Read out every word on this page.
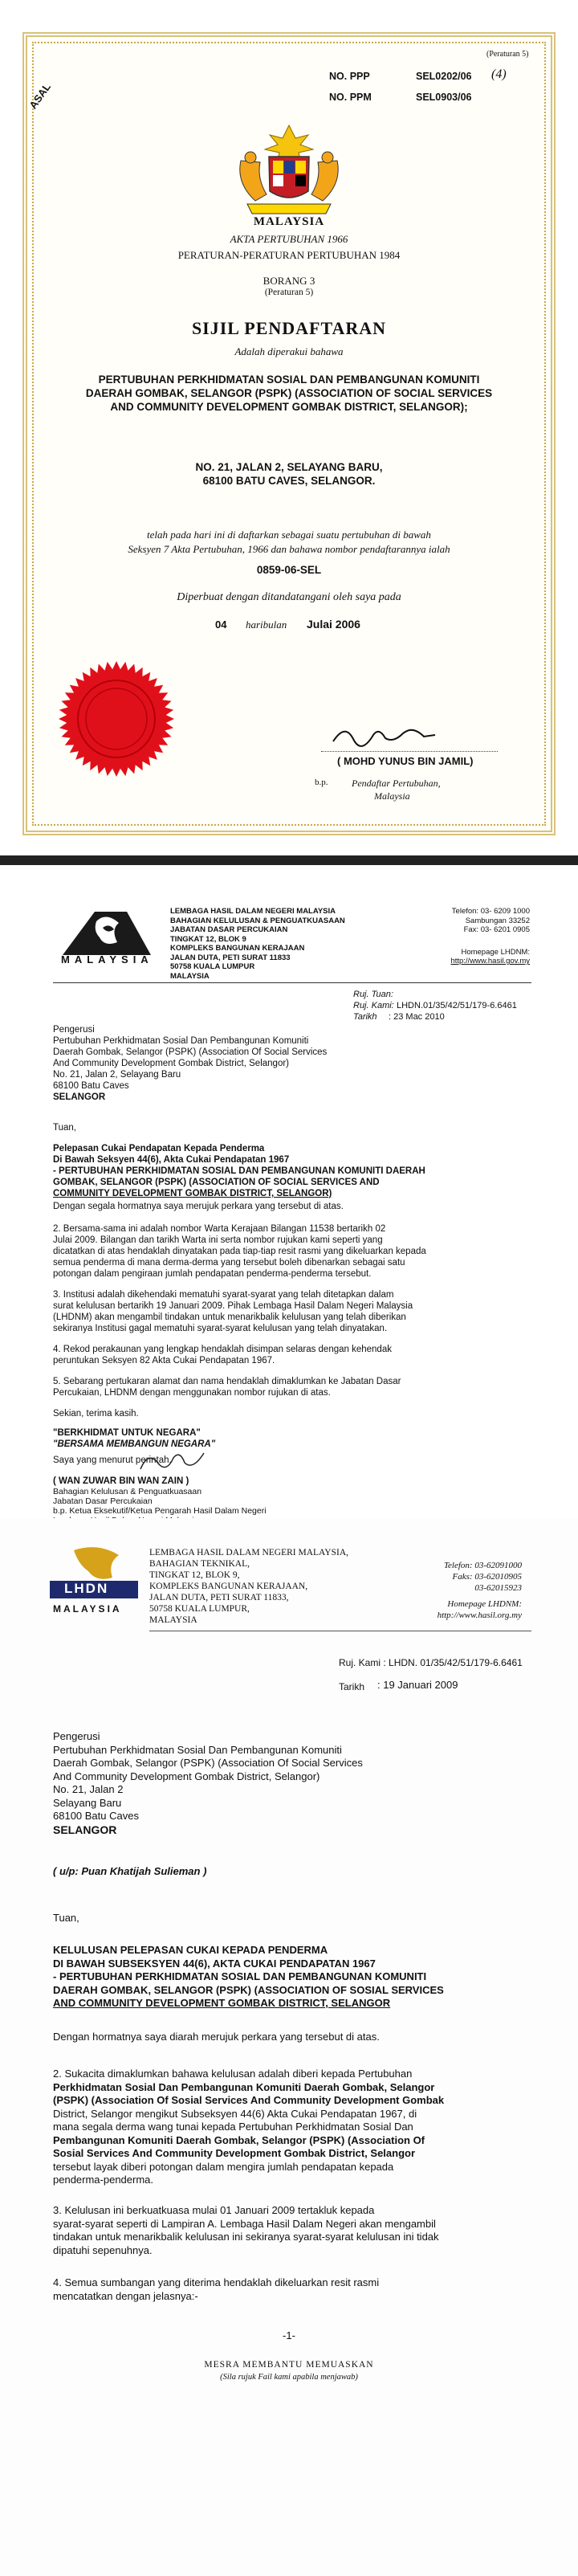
(Peraturan 5)
ASAL
NO. PPP	SEL0202/06 (4)
NO. PPM	SEL0903/06
MALAYSIA
AKTA PERTUBUHAN 1966
PERATURAN-PERATURAN PERTUBUHAN 1984
BORANG 3
(Peraturan 5)
SIJIL PENDAFTARAN
Adalah diperakui bahawa
PERTUBUHAN PERKHIDMATAN SOSIAL DAN PEMBANGUNAN KOMUNITI
DAERAH GOMBAK, SELANGOR (PSPK) (ASSOCIATION OF SOCIAL SERVICES
AND COMMUNITY DEVELOPMENT GOMBAK DISTRICT, SELANGOR);
NO. 21, JALAN 2, SELAYANG BARU,
68100 BATU CAVES, SELANGOR.
telah pada hari ini di daftarkan sebagai suatu pertubuhan di bawah
Seksyen 7 Akta Pertubuhan, 1966 dan bahawa nombor pendaftarannya ialah
0859-06-SEL
Diperbuat dengan ditandatangani oleh saya pada
04 haribulan Julai 2006
( MOHD YUNUS BIN JAMIL)
b.p. Pendaftar Pertubuhan,
Malaysia
MALAYSIA
LEMBAGA HASIL DALAM NEGERI MALAYSIA
BAHAGIAN KELULUSAN & PENGUATKUASAAN
JABATAN DASAR PERCUKAIAN
TINGKAT 12, BLOK 9
KOMPLEKS BANGUNAN KERAJAAN
JALAN DUTA, PETI SURAT 11833
50758 KUALA LUMPUR
MALAYSIA
Telefon: 03- 6209 1000
Sambungan 33252
Fax: 03- 6201 0905
Homepage LHDNM:
http://www.hasil.gov.my
Ruj. Tuan:
Ruj. Kami: LHDN.01/35/42/51/179-6.6461
Tarikh : 23 Mac 2010
Pengerusi
Pertubuhan Perkhidmatan Sosial Dan Pembangunan Komuniti
Daerah Gombak, Selangor (PSPK) (Association Of Social Services
And Community Development Gombak District, Selangor)
No. 21, Jalan 2, Selayang Baru
68100 Batu Caves
SELANGOR
Tuan,
Pelepasan Cukai Pendapatan Kepada Penderma
Di Bawah Seksyen 44(6), Akta Cukai Pendapatan 1967
- PERTUBUHAN PERKHIDMATAN SOSIAL DAN PEMBANGUNAN KOMUNITI DAERAH
GOMBAK, SELANGOR (PSPK) (ASSOCIATION OF SOCIAL SERVICES AND
COMMUNITY DEVELOPMENT GOMBAK DISTRICT, SELANGOR)
Dengan segala hormatnya saya merujuk perkara yang tersebut di atas.
2. Bersama-sama ini adalah nombor Warta Kerajaan Bilangan 11538 bertarikh 02
Julai 2009. Bilangan dan tarikh Warta ini serta nombor rujukan kami seperti yang
dicatatkan di atas hendaklah dinyatakan pada tiap-tiap resit rasmi yang dikeluarkan kepada
semua penderma di mana derma-derma yang tersebut boleh dibenarkan sebagai satu
potongan dalam pengiraan jumlah pendapatan penderma-penderma tersebut.
3. Institusi adalah dikehendaki mematuhi syarat-syarat yang telah ditetapkan dalam
surat kelulusan bertarikh 19 Januari 2009. Pihak Lembaga Hasil Dalam Negeri Malaysia
(LHDNM) akan mengambil tindakan untuk menarikbalik kelulusan yang telah diberikan
sekiranya Institusi gagal mematuhi syarat-syarat kelulusan yang telah dinyatakan.
4. Rekod perakaunan yang lengkap hendaklah disimpan selaras dengan kehendak
peruntukan Seksyen 82 Akta Cukai Pendapatan 1967.
5. Sebarang pertukaran alamat dan nama hendaklah dimaklumkan ke Jabatan Dasar
Percukaian, LHDNM dengan menggunakan nombor rujukan di atas.
Sekian, terima kasih.
"BERKHIDMAT UNTUK NEGARA"
"BERSAMA MEMBANGUN NEGARA"
Saya yang menurut perintah,
( WAN ZUWAR BIN WAN ZAIN )
Bahagian Kelulusan & Penguatkuasaan
Jabatan Dasar Percukaian
b.p. Ketua Eksekutif/Ketua Pengarah Hasil Dalam Negeri
LHDN
MALAYSIA
LEMBAGA HASIL DALAM NEGERI MALAYSIA,
BAHAGIAN TEKNIKAL,
TINGKAT 12, BLOK 9,
KOMPLEKS BANGUNAN KERAJAAN,
JALAN DUTA, PETI SURAT 11833,
50758 KUALA LUMPUR,
MALAYSIA
Telefon: 03-62091000
Faks: 03-62010905
03-62015923
Homepage LHDNM: http://www.hasil.org.my
Ruj. Kami : LHDN. 01/35/42/51/179-6.6461
Tarikh : 19 Januari 2009
Pengerusi
Pertubuhan Perkhidmatan Sosial Dan Pembangunan Komuniti
Daerah Gombak, Selangor (PSPK) (Association Of Social Services
And Community Development Gombak District, Selangor)
No. 21, Jalan 2
Selayang Baru
68100 Batu Caves
SELANGOR
( u/p: Puan Khatijah Sulieman )
Tuan,
KELULUSAN PELEPASAN CUKAI KEPADA PENDERMA
DI BAWAH SUBSEKSYEN 44(6), AKTA CUKAI PENDAPATAN 1967
- PERTUBUHAN PERKHIDMATAN SOSIAL DAN PEMBANGUNAN KOMUNITI
DAERAH GOMBAK, SELANGOR (PSPK) (ASSOCIATION OF SOSIAL SERVICES
AND COMMUNITY DEVELOPMENT GOMBAK DISTRICT, SELANGOR
Dengan hormatnya saya diarah merujuk perkara yang tersebut di atas.
2. Sukacita dimaklumkan bahawa kelulusan adalah diberi kepada Pertubuhan
Perkhidmatan Sosial Dan Pembangunan Komuniti Daerah Gombak, Selangor
(PSPK) (Association Of Sosial Services And Community Development Gombak
District, Selangor mengikut Subseksyen 44(6) Akta Cukai Pendapatan 1967, di
mana segala derma wang tunai kepada Pertubuhan Perkhidmatan Sosial Dan
Pembangunan Komuniti Daerah Gombak, Selangor (PSPK) (Association Of
Sosial Services And Community Development Gombak District, Selangor
tersebut layak diberi potongan dalam mengira jumlah pendapatan kepada
penderma-penderma.
3. Kelulusan ini berkuatkuasa mulai 01 Januari 2009 tertakluk kepada
syarat-syarat seperti di Lampiran A. Lembaga Hasil Dalam Negeri akan mengambil
tindakan untuk menarikbalik kelulusan ini sekiranya syarat-syarat kelulusan ini tidak
dipatuhi sepenuhnya.
4. Semua sumbangan yang diterima hendaklah dikeluarkan resit rasmi
mencatatkan dengan jelasnya:-
-1-
MESRA MEMBANTU MEMUASKAN
(Sila rujuk Fail kami apabila menjawab)
